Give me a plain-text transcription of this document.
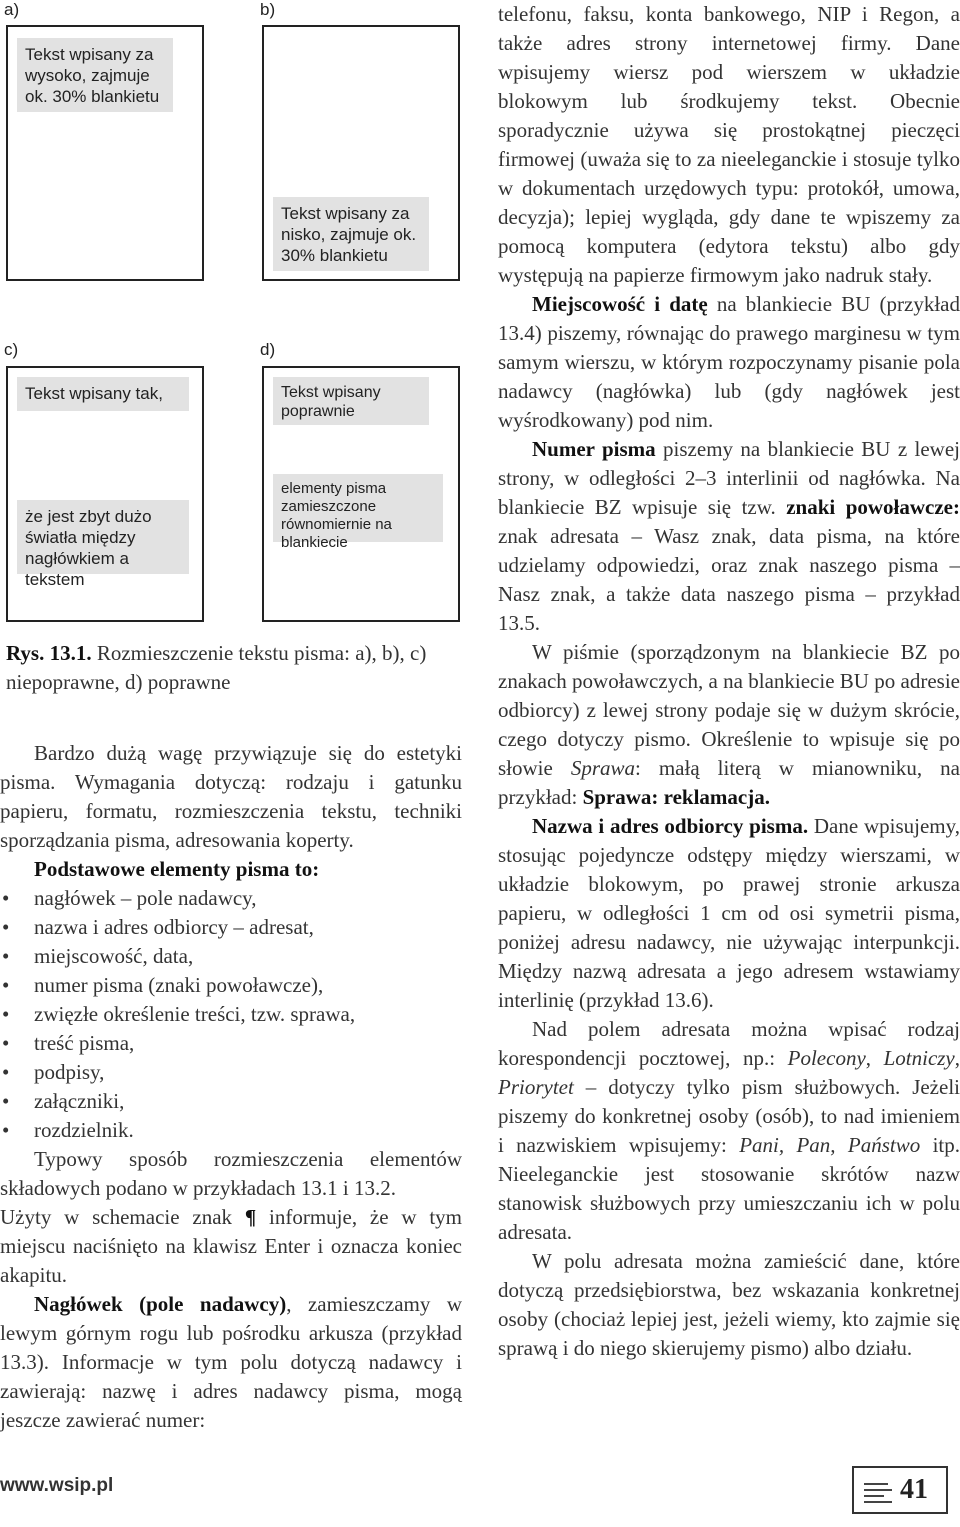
a)
Tekst wpisany za wysoko, zajmuje ok. 30% blankietu
b)
Tekst wpisany za nisko, zajmuje ok. 30% blankietu
c)
Tekst wpisany tak,
że jest zbyt dużo światła między nagłówkiem a tekstem
d)
Tekst wpisany poprawnie
elementy pisma zamieszczone równomiernie na blankiecie
Rys. 13.1. Rozmieszczenie tekstu pisma: a), b), c) niepoprawne, d) poprawne

Bardzo dużą wagę przywiązuje się do estetyki pisma. Wymagania dotyczą: rodzaju i gatunku papieru, formatu, rozmieszczenia tekstu, techniki sporządzania pisma, adresowania koperty.

Podstawowe elementy pisma to:

• nagłówek – pole nadawcy,

• nazwa i adres odbiorcy – adresat,

• miejscowość, data,

• numer pisma (znaki powoławcze),

• zwięzłe określenie treści, tzw. sprawa,

• treść pisma,

• podpisy,

• załączniki,

• rozdzielnik.

Typowy sposób rozmieszczenia elementów składowych podano w przykładach 13.1 i 13.2.

Użyty w schemacie znak ¶ informuje, że w tym miejscu naciśnięto na klawisz Enter i oznacza koniec akapitu.

Nagłówek (pole nadawcy), zamieszczamy w lewym górnym rogu lub pośrodku arkusza (przykład 13.3). Informacje w tym polu dotyczą nadawcy i zawierają: nazwę i adres nadawcy pisma, mogą jeszcze zawierać numer:

telefonu, faksu, konta bankowego, NIP i Regon, a także adres strony internetowej firmy. Dane wpisujemy wiersz pod wierszem w układzie blokowym lub środkujemy tekst. Obecnie sporadycznie używa się prostokątnej pieczęci firmowej (uważa się to za nieeleganckie i stosuje tylko w dokumentach urzędowych typu: protokół, umowa, decyzja); lepiej wygląda, gdy dane te wpiszemy za pomocą komputera (edytora tekstu) albo gdy występują na papierze firmowym jako nadruk stały.

Miejscowość i datę na blankiecie BU (przykład 13.4) piszemy, równając do prawego marginesu w tym samym wierszu, w którym rozpoczynamy pisanie pola nadawcy (nagłówka) lub (gdy nagłówek jest wyśrodkowany) pod nim.

Numer pisma piszemy na blankiecie BU z lewej strony, w odległości 2–3 interlinii od nagłówka. Na blankiecie BZ wpisuje się tzw. znaki powoławcze: znak adresata – Wasz znak, data pisma, na które udzielamy odpowiedzi, oraz znak naszego pisma – Nasz znak, a także data naszego pisma – przykład 13.5.

W piśmie (sporządzonym na blankiecie BZ po znakach powoławczych, a na blankiecie BU po adresie odbiorcy) z lewej strony podaje się w dużym skrócie, czego dotyczy pismo. Określenie to wpisuje się po słowie Sprawa: małą literą w mianowniku, na przykład: Sprawa: reklamacja.

Nazwa i adres odbiorcy pisma. Dane wpisujemy, stosując pojedyncze odstępy między wierszami, w układzie blokowym, po prawej stronie arkusza papieru, w odległości 1 cm od osi symetrii pisma, poniżej adresu nadawcy, nie używając interpunkcji. Między nazwą adresata a jego adresem wstawiamy interlinię (przykład 13.6).

Nad polem adresata można wpisać rodzaj korespondencji pocztowej, np.: Polecony, Lotniczy, Priorytet – dotyczy tylko pism służbowych. Jeżeli piszemy do konkretnej osoby (osób), to nad imieniem i nazwiskiem wpisujemy: Pani, Pan, Państwo itp. Nieeleganckie jest stosowanie skrótów nazw stanowisk służbowych przy umieszczaniu ich w polu adresata.

W polu adresata można zamieścić dane, które dotyczą przedsiębiorstwa, bez wskazania konkretnej osoby (chociaż lepiej jest, jeżeli wiemy, kto zajmie się sprawą i do niego skierujemy pismo) albo działu.

www.wsip.pl	41
